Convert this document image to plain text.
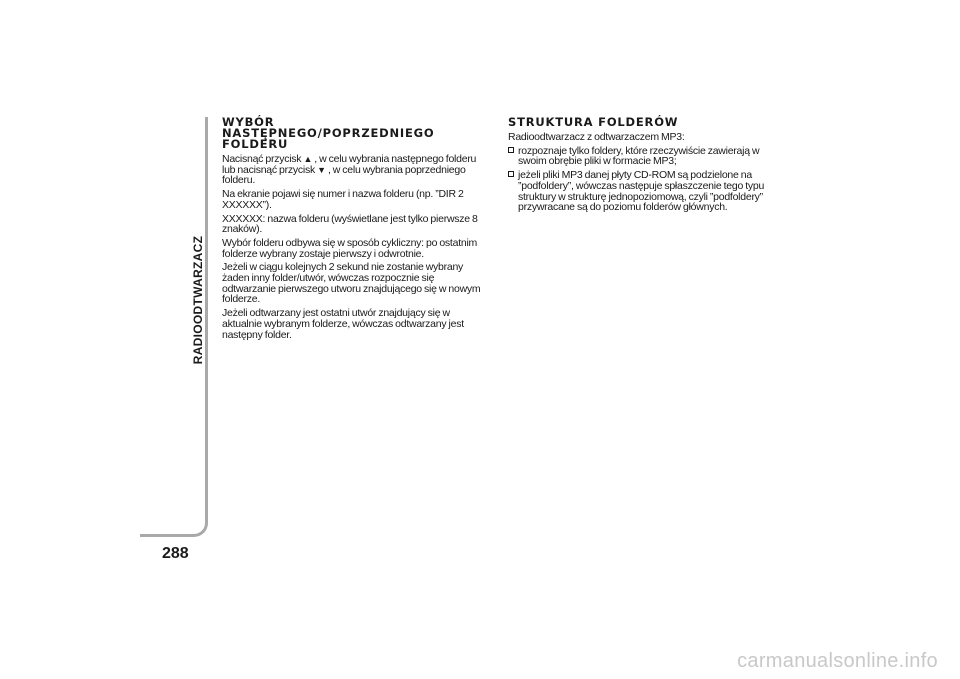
RADIOODTWARZACZ
288
WYBÓR
NASTĘPNEGO/POPRZEDNIEGO
FOLDERU

Nacisnąć przycisk ▲ , w celu wybrania następnego folderu lub nacisnąć przycisk ▼ , w celu wybrania poprzedniego folderu.

Na ekranie pojawi się numer i nazwa folderu (np. ”DIR 2 XXXXXX”).

XXXXXX: nazwa folderu (wyświetlane jest tylko pierwsze 8 znaków).

Wybór folderu odbywa się w sposób cykliczny: po ostatnim folderze wybrany zostaje pierwszy i odwrotnie.

Jeżeli w ciągu kolejnych 2 sekund nie zostanie wybrany żaden inny folder/utwór, wówczas rozpocznie się odtwarzanie pierwszego utworu znajdującego się w nowym folderze.

Jeżeli odtwarzany jest ostatni utwór znajdujący się w aktualnie wybranym folderze, wówczas odtwarzany jest następny folder.

STRUKTURA FOLDERÓW

Radioodtwarzacz z odtwarzaczem MP3:

rozpoznaje tylko foldery, które rzeczywiście zawierają w swoim obrębie pliki w formacie MP3;
jeżeli pliki MP3 danej płyty CD-ROM są podzielone na ”podfoldery”, wówczas następuje spłaszczenie tego typu struktury w strukturę jednopoziomową, czyli ”podfoldery” przywracane są do poziomu folderów głównych.
carmanualsonline.info
